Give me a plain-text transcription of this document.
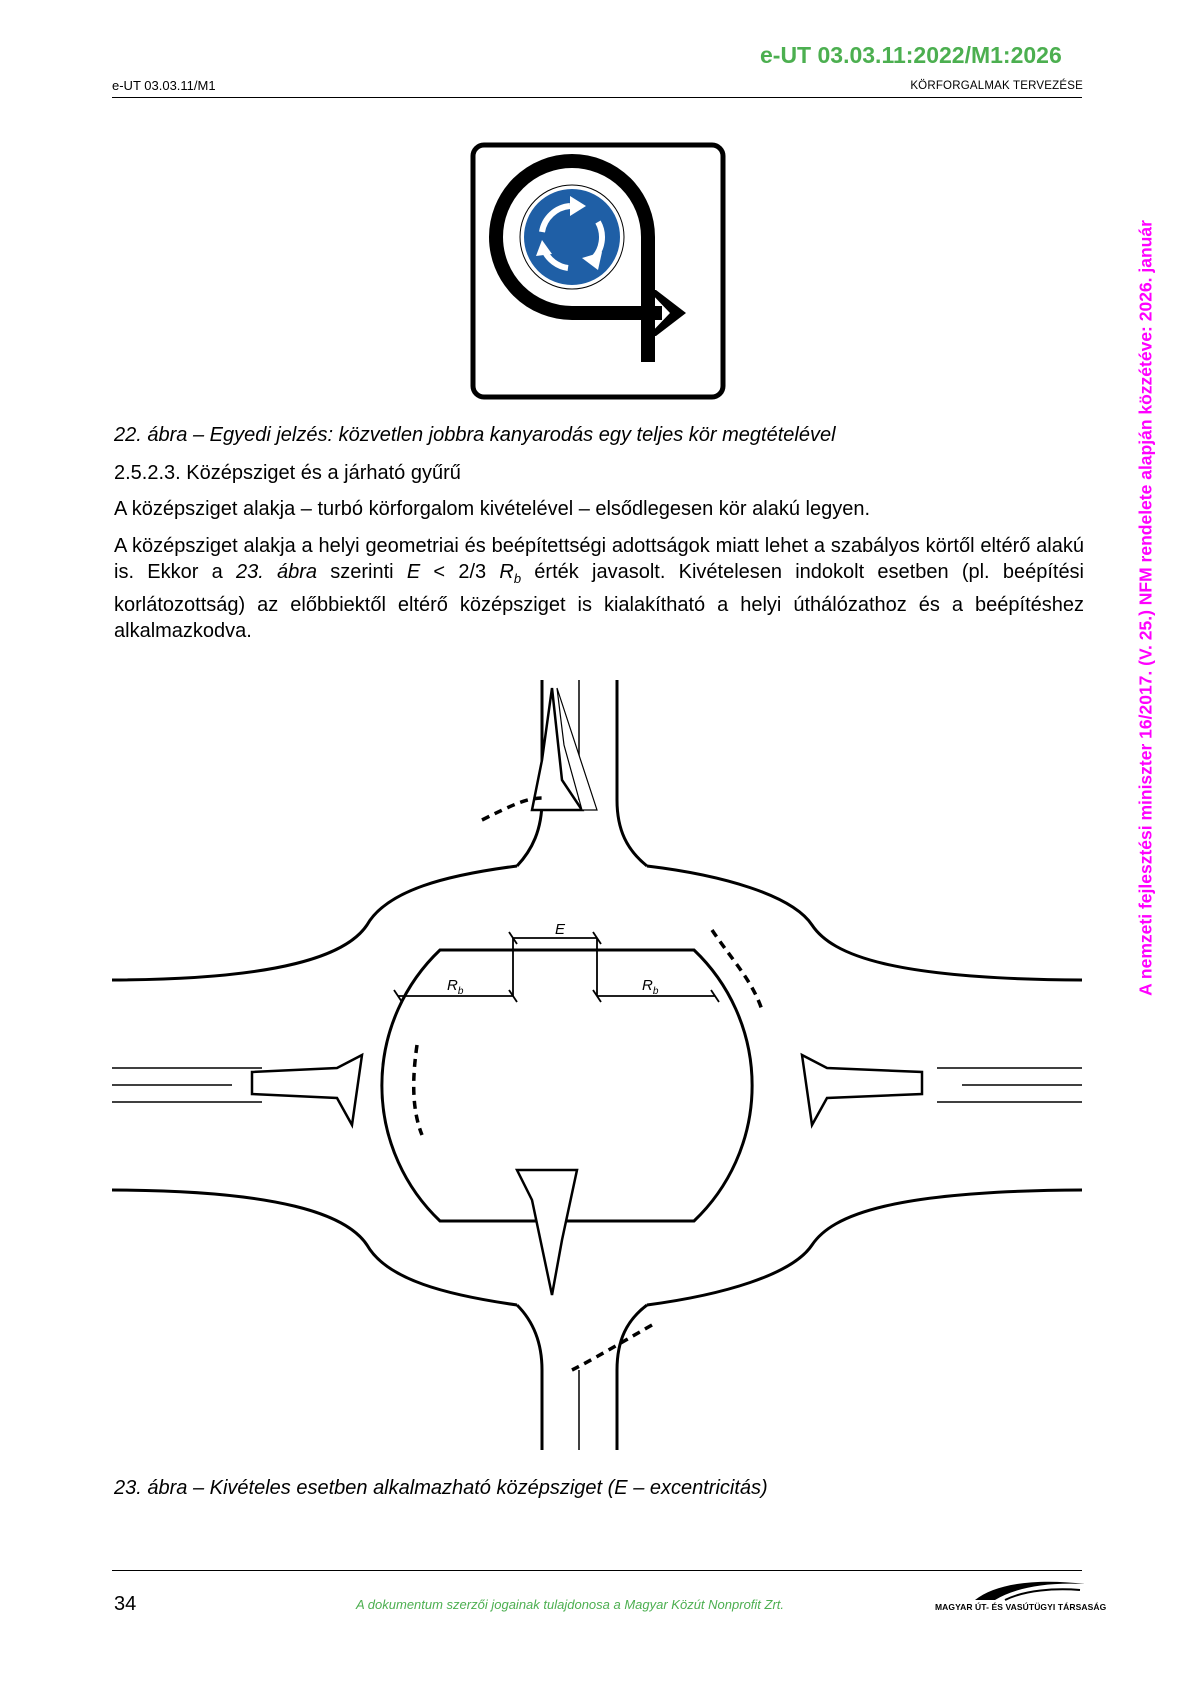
e-UT 03.03.11:2022/M1:2026
e-UT 03.03.11/M1	KÖRFORGALMAK TERVEZÉSE
A nemzeti fejlesztési miniszter 16/2017. (V. 25.) NFM rendelete alapján közzétéve: 2026. január
22. ábra – Egyedi jelzés: közvetlen jobbra kanyarodás egy teljes kör megtételével
2.5.2.3. Középsziget és a járható gyűrű
A középsziget alakja – turbó körforgalom kivételével – elsődlegesen kör alakú legyen.
A középsziget alakja a helyi geometriai és beépítettségi adottságok miatt lehet a szabályos körtől eltérő alakú is. Ekkor a 23. ábra szerinti E < 2/3 $R_b$ érték javasolt. Kivételesen indokolt esetben (pl. beépítési korlátozottság) az előbbiektől eltérő középsziget is kialakítható a helyi úthálózathoz és a beépítéshez alkalmazkodva.
E
$R_b$	$R_b$
23. ábra – Kivételes esetben alkalmazható középsziget (E – excentricitás)
34	A dokumentum szerzői jogainak tulajdonosa a Magyar Közút Nonprofit Zrt.	MAGYAR ÚT- ÉS VASÚTÜGYI TÁRSASÁG
